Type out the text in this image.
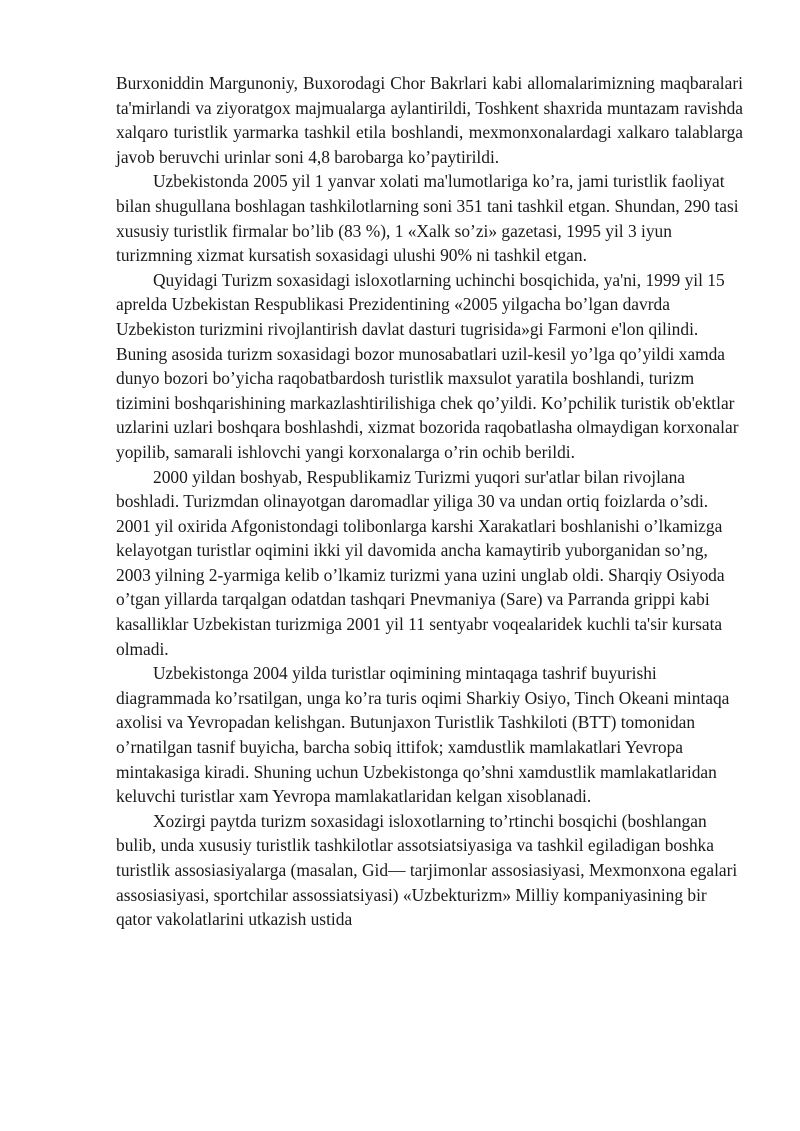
Burxoniddin Margunoniy, Buxorodagi Chor Bakrlari kabi allomalarimizning maqbaralari ta'mirlandi va ziyoratgox majmualarga aylantirildi, Toshkent shaxrida muntazam ravishda xalqaro turistlik yarmarka tashkil etila boshlandi, mexmonxonalardagi xalkaro talablarga javob beruvchi urinlar soni 4,8 barobarga ko’paytirildi.

Uzbekistonda 2005 yil 1 yanvar xolati ma'lumotlariga ko’ra, jami turistlik faoliyat bilan shugullana boshlagan tashkilotlarning soni 351 tani tashkil etgan. Shundan, 290 tasi xususiy turistlik firmalar bo’lib (83 %), 1 «Xalk so’zi» gazetasi, 1995 yil 3 iyun turizmning xizmat kursatish soxasidagi ulushi 90% ni tashkil etgan.

Quyidagi Turizm soxasidagi isloxotlarning uchinchi bosqichida, ya'ni, 1999 yil 15 aprelda Uzbekistan Respublikasi Prezidentining «2005 yilgacha bo’lgan davrda Uzbekiston turizmini rivojlantirish davlat dasturi tugrisida»gi Farmoni e'lon qilindi. Buning asosida turizm soxasidagi bozor munosabatlari uzil-kesil yo’lga qo’yildi xamda dunyo bozori bo’yicha raqobatbardosh turistlik maxsulot yaratila boshlandi, turizm tizimini boshqarishining markazlashtirilishiga chek qo’yildi. Ko’pchilik turistik ob'ektlar uzlarini uzlari boshqara boshlashdi, xizmat bozorida raqobatlasha olmaydigan korxonalar yopilib, samarali ishlovchi yangi korxonalarga o’rin ochib berildi.

2000 yildan boshyab, Respublikamiz Turizmi yuqori sur'atlar bilan rivojlana boshladi. Turizmdan olinayotgan daromadlar yiliga 30 va undan ortiq foizlarda o’sdi. 2001 yil oxirida Afgonistondagi tolibonlarga karshi Xarakatlari boshlanishi o’lkamizga kelayotgan turistlar oqimini ikki yil davomida ancha kamaytirib yuborganidan so’ng, 2003 yilning 2-yarmiga kelib o’lkamiz turizmi yana uzini unglab oldi. Sharqiy Osiyoda o’tgan yillarda tarqalgan odatdan tashqari Pnevmaniya (Sare) va Parranda grippi kabi kasalliklar Uzbekistan turizmiga 2001 yil 11 sentyabr voqealaridek kuchli ta'sir kursata olmadi.

Uzbekistonga 2004 yilda turistlar oqimining mintaqaga tashrif buyurishi diagrammada ko’rsatilgan, unga ko’ra turis oqimi Sharkiy Osiyo, Tinch Okeani mintaqa axolisi va Yevropadan kelishgan. Butunjaxon Turistlik Tashkiloti (BTT) tomonidan o’rnatilgan tasnif buyicha, barcha sobiq ittifok; xamdustlik mamlakatlari Yevropa mintakasiga kiradi. Shuning uchun Uzbekistonga qo’shni xamdustlik mamlakatlaridan keluvchi turistlar xam Yevropa mamlakatlaridan kelgan xisoblanadi.

Xozirgi paytda turizm soxasidagi isloxotlarning to’rtinchi bosqichi (boshlangan bulib, unda xususiy turistlik tashkilotlar assotsiatsiyasiga va tashkil egiladigan boshka turistlik assosiasiyalarga (masalan, Gid— tarjimonlar assosiasiyasi, Mexmonxona egalari assosiasiyasi, sportchilar assossiatsiyasi) «Uzbekturizm» Milliy kompaniyasining bir qator vakolatlarini utkazish ustida
